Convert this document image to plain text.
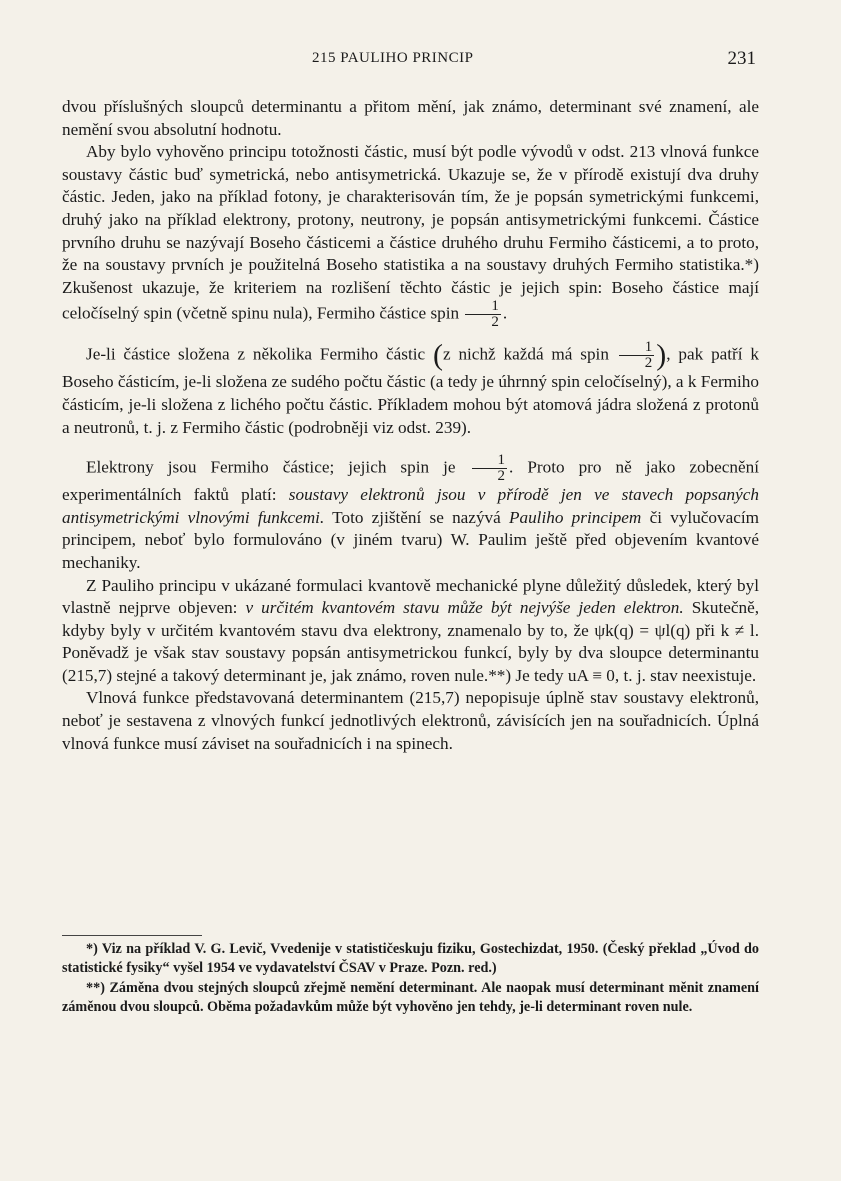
215 PAULIHO PRINCIP	231

dvou příslušných sloupců determinantu a přitom mění, jak známo, determinant své znamení, ale nemění svou absolutní hodnotu.

Aby bylo vyhověno principu totožnosti částic, musí být podle vývodů v odst. 213 vlnová funkce soustavy částic buď symetrická, nebo antisymetrická. Ukazuje se, že v přírodě existují dva druhy částic. Jeden, jako na příklad fotony, je charakterisován tím, že je popsán symetrickými funkcemi, druhý jako na příklad elektrony, protony, neutrony, je popsán antisymetrickými funkcemi. Částice prvního druhu se nazývají Boseho částicemi a částice druhého druhu Fermiho částicemi, a to proto, že na soustavy prvních je použitelná Boseho statistika a na soustavy druhých Fermiho statistika.*) Zkušenost ukazuje, že kriteriem na rozlišení těchto částic je jejich spin: Boseho částice mají celočíselný spin (včetně spinu nula), Fermiho částice spin $\frac{1}{2}$ .

Je-li částice složena z několika Fermiho částic (z nichž každá má spin $\frac{1}{2}$ ), pak patří k Boseho částicím, je-li složena ze sudého počtu částic (a tedy je úhrnný spin celočíselný), a k Fermiho částicím, je-li složena z lichého počtu částic. Příkladem mohou být atomová jádra složená z protonů a neutronů, t. j. z Fermiho částic (podrobněji viz odst. 239).

Elektrony jsou Fermiho částice; jejich spin je $\frac{1}{2}$ . Proto pro ně jako zobecnění experimentálních faktů platí: soustavy elektronů jsou v přírodě jen ve stavech popsaných antisymetrickými vlnovými funkcemi. Toto zjištění se nazývá Pauliho principem či vylučovacím principem, neboť bylo formulováno (v jiném tvaru) W. Paulim ještě před objevením kvantové mechaniky.

Z Pauliho principu v ukázané formulaci kvantově mechanické plyne důležitý důsledek, který byl vlastně nejprve objeven: v určitém kvantovém stavu může být nejvýše jeden elektron. Skutečně, kdyby byly v určitém kvantovém stavu dva elektrony, znamenalo by to, že ψk(q) = ψl(q) při k ≠ l. Poněvadž je však stav soustavy popsán antisymetrickou funkcí, byly by dva sloupce determinantu (215,7) stejné a takový determinant je, jak známo, roven nule.**) Je tedy uA ≡ 0, t. j. stav neexistuje.

Vlnová funkce představovaná determinantem (215,7) nepopisuje úplně stav soustavy elektronů, neboť je sestavena z vlnových funkcí jednotlivých elektronů, závisících jen na souřadnicích. Úplná vlnová funkce musí záviset na souřadnicích i na spinech.

*) Viz na příklad V. G. Levič, Vvedenije v statističeskuju fiziku, Gostechizdat, 1950. (Český překlad „Úvod do statistické fysiky“ vyšel 1954 ve vydavatelství ČSAV v Praze. Pozn. red.)

**) Záměna dvou stejných sloupců zřejmě nemění determinant. Ale naopak musí determinant měnit znamení záměnou dvou sloupců. Oběma požadavkům může být vyhověno jen tehdy, je-li determinant roven nule.
